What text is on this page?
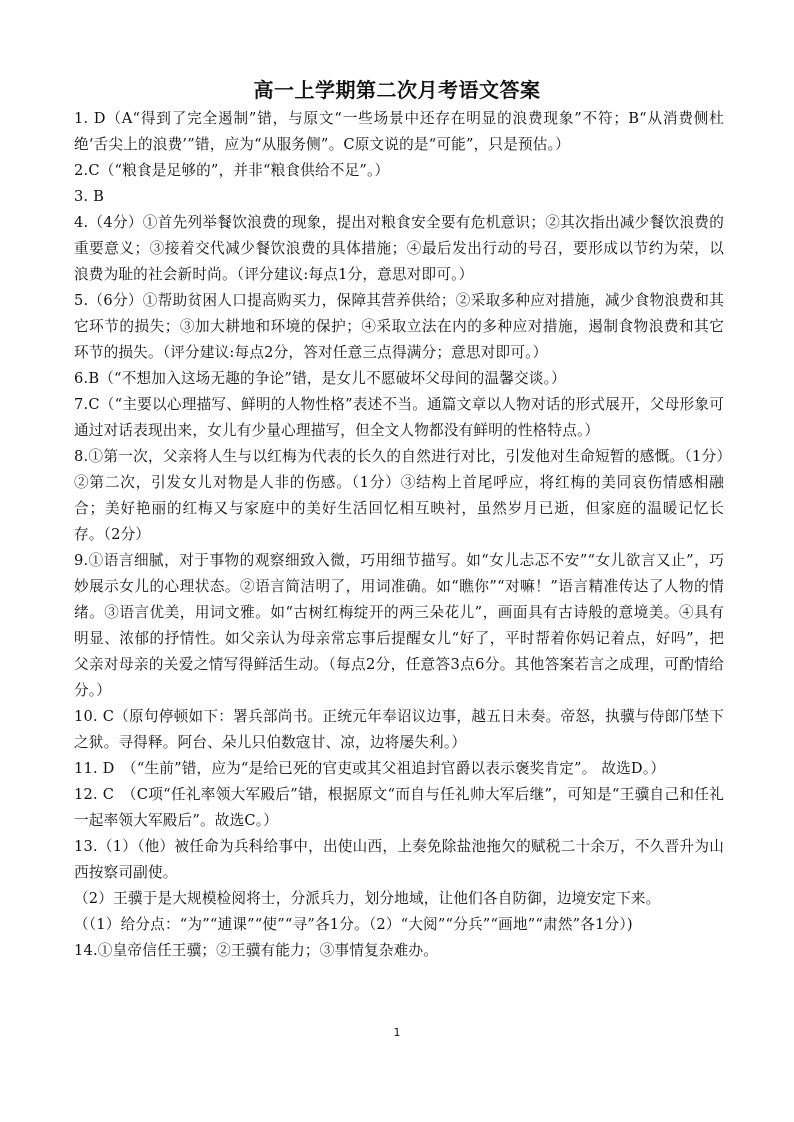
高一上学期第二次月考语文答案

1. D（A“得到了完全遏制”错，与原文“一些场景中还存在明显的浪费现象”不符；B“从消费侧杜绝‘舌尖上的浪费’”错，应为“从服务侧”。C原文说的是“可能”，只是预估。）

2.C（“粮食是足够的”，并非“粮食供给不足”。）

3. B

4.（4分）①首先列举餐饮浪费的现象，提出对粮食安全要有危机意识；②其次指出减少餐饮浪费的重要意义；③接着交代减少餐饮浪费的具体措施；④最后发出行动的号召，要形成以节约为荣，以浪费为耻的社会新时尚。（评分建议:每点1分，意思对即可。）

5.（6分）①帮助贫困人口提高购买力，保障其营养供给；②采取多种应对措施，减少食物浪费和其它环节的损失；③加大耕地和环境的保护；④采取立法在内的多种应对措施，遏制食物浪费和其它环节的损失。（评分建议:每点2分，答对任意三点得满分；意思对即可。）

6.B（“不想加入这场无趣的争论”错，是女儿不愿破坏父母间的温馨交谈。）

7.C（“主要以心理描写、鲜明的人物性格”表述不当。通篇文章以人物对话的形式展开，父母形象可通过对话表现出来，女儿有少量心理描写，但全文人物都没有鲜明的性格特点。）

8.①第一次，父亲将人生与以红梅为代表的长久的自然进行对比，引发他对生命短暂的感慨。（1分）②第二次，引发女儿对物是人非的伤感。（1分）③结构上首尾呼应，将红梅的美同哀伤情感相融合；美好艳丽的红梅又与家庭中的美好生活回忆相互映衬，虽然岁月已逝，但家庭的温暖记忆长存。（2分）

9.①语言细腻，对于事物的观察细致入微，巧用细节描写。如“女儿忐忑不安”“女儿欲言又止”，巧妙展示女儿的心理状态。②语言简洁明了，用词准确。如“瞧你”“对嘛！”语言精准传达了人物的情绪。③语言优美，用词文雅。如“古树红梅绽开的两三朵花儿”，画面具有古诗般的意境美。④具有明显、浓郁的抒情性。如父亲认为母亲常忘事后提醒女儿“好了，平时帮着你妈记着点，好吗”，把父亲对母亲的关爱之情写得鲜活生动。（每点2分，任意答3点6分。其他答案若言之成理，可酌情给分。）

10. C（原句停顿如下：署兵部尚书。正统元年奉诏议边事，越五日未奏。帝怒，执骥与侍郎邝埜下之狱。寻得释。阿台、朵儿只伯数寇甘、凉，边将屡失利。）

11. D　（“生前”错，应为“是给已死的官吏或其父祖追封官爵以表示褒奖肯定”。 故选D。）

12. C　（C项“任礼率领大军殿后”错，根据原文“而自与任礼帅大军后继”，可知是“王骥自己和任礼一起率领大军殿后”。故选C。）

13.（1）（他）被任命为兵科给事中，出使山西，上奏免除盐池拖欠的赋税二十余万，不久晋升为山西按察司副使。

（2）王骥于是大规模检阅将士，分派兵力，划分地域，让他们各自防御，边境安定下来。

（（1）给分点：“为”“逋课”“使”“寻”各1分。（2）“大阅”“分兵”“画地”“肃然”各1分）)

14.①皇帝信任王骥；②王骥有能力；③事情复杂难办。

1
